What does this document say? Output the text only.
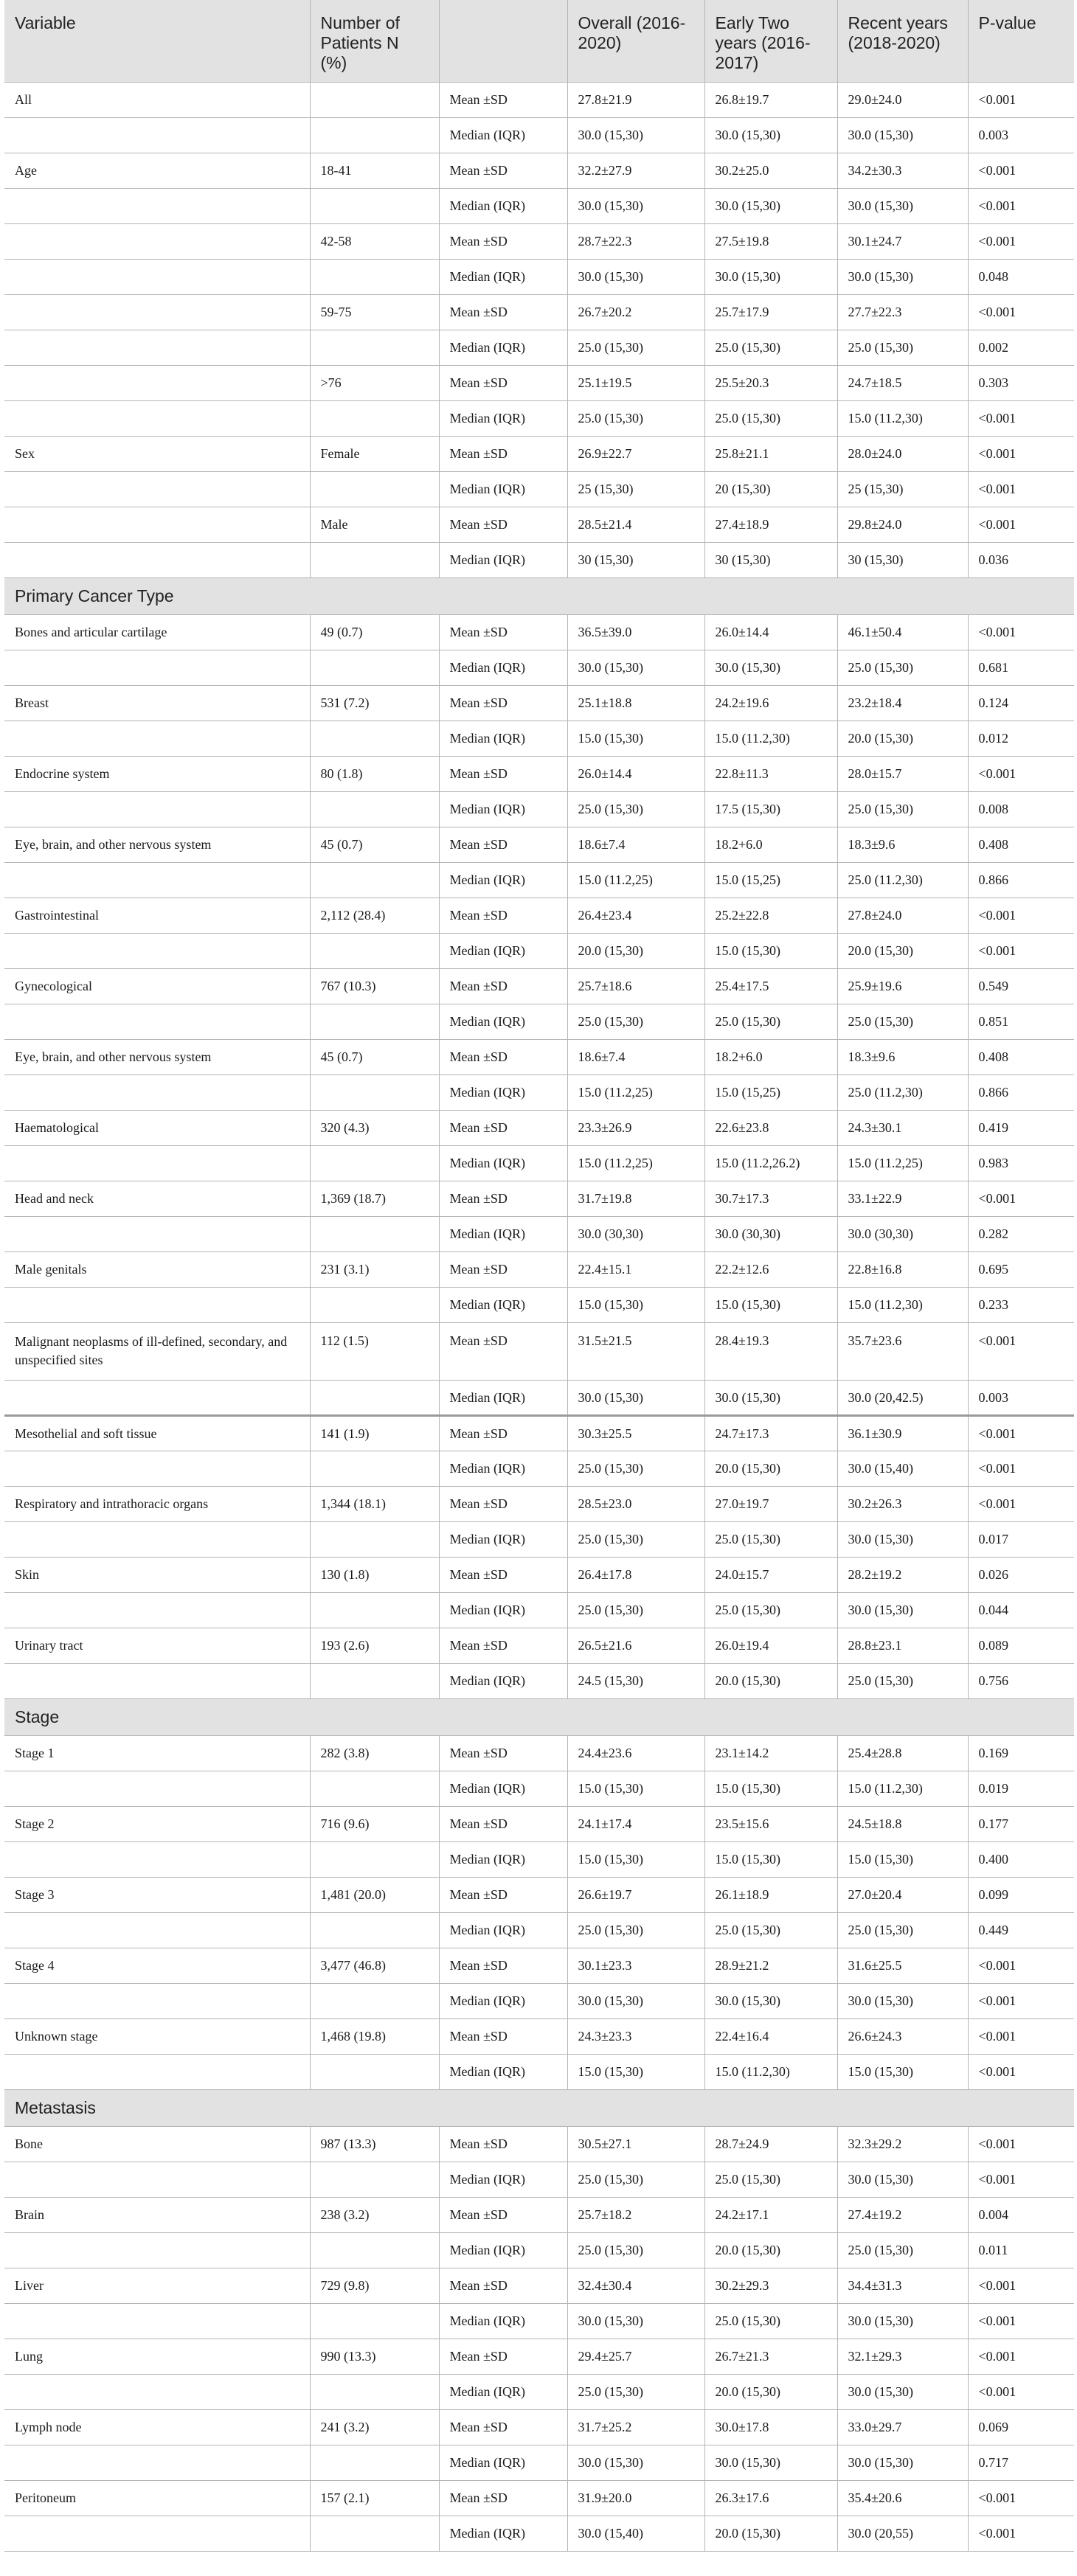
Variable	Number of Patients N (%)		Overall (2016-2020)	Early Two years (2016-2017)	Recent years (2018-2020)	P-value
All		Mean ±SD	27.8±21.9	26.8±19.7	29.0±24.0	<0.001
		Median (IQR)	30.0 (15,30)	30.0 (15,30)	30.0 (15,30)	0.003
Age	18-41	Mean ±SD	32.2±27.9	30.2±25.0	34.2±30.3	<0.001
		Median (IQR)	30.0 (15,30)	30.0 (15,30)	30.0 (15,30)	<0.001
	42-58	Mean ±SD	28.7±22.3	27.5±19.8	30.1±24.7	<0.001
		Median (IQR)	30.0 (15,30)	30.0 (15,30)	30.0 (15,30)	0.048
	59-75	Mean ±SD	26.7±20.2	25.7±17.9	27.7±22.3	<0.001
		Median (IQR)	25.0 (15,30)	25.0 (15,30)	25.0 (15,30)	0.002
	>76	Mean ±SD	25.1±19.5	25.5±20.3	24.7±18.5	0.303
		Median (IQR)	25.0 (15,30)	25.0 (15,30)	15.0 (11.2,30)	<0.001
Sex	Female	Mean ±SD	26.9±22.7	25.8±21.1	28.0±24.0	<0.001
		Median (IQR)	25 (15,30)	20 (15,30)	25 (15,30)	<0.001
	Male	Mean ±SD	28.5±21.4	27.4±18.9	29.8±24.0	<0.001
		Median (IQR)	30 (15,30)	30 (15,30)	30 (15,30)	0.036
Primary Cancer Type						
Bones and articular cartilage	49 (0.7)	Mean ±SD	36.5±39.0	26.0±14.4	46.1±50.4	<0.001
		Median (IQR)	30.0 (15,30)	30.0 (15,30)	25.0 (15,30)	0.681
Breast	531 (7.2)	Mean ±SD	25.1±18.8	24.2±19.6	23.2±18.4	0.124
		Median (IQR)	15.0 (15,30)	15.0 (11.2,30)	20.0 (15,30)	0.012
Endocrine system	80 (1.8)	Mean ±SD	26.0±14.4	22.8±11.3	28.0±15.7	<0.001
		Median (IQR)	25.0 (15,30)	17.5 (15,30)	25.0 (15,30)	0.008
Eye, brain, and other nervous system	45 (0.7)	Mean ±SD	18.6±7.4	18.2+6.0	18.3±9.6	0.408
		Median (IQR)	15.0 (11.2,25)	15.0 (15,25)	25.0 (11.2,30)	0.866
Gastrointestinal	2,112 (28.4)	Mean ±SD	26.4±23.4	25.2±22.8	27.8±24.0	<0.001
		Median (IQR)	20.0 (15,30)	15.0 (15,30)	20.0 (15,30)	<0.001
Gynecological	767 (10.3)	Mean ±SD	25.7±18.6	25.4±17.5	25.9±19.6	0.549
		Median (IQR)	25.0 (15,30)	25.0 (15,30)	25.0 (15,30)	0.851
Eye, brain, and other nervous system	45 (0.7)	Mean ±SD	18.6±7.4	18.2+6.0	18.3±9.6	0.408
		Median (IQR)	15.0 (11.2,25)	15.0 (15,25)	25.0 (11.2,30)	0.866
Haematological	320 (4.3)	Mean ±SD	23.3±26.9	22.6±23.8	24.3±30.1	0.419
		Median (IQR)	15.0 (11.2,25)	15.0 (11.2,26.2)	15.0 (11.2,25)	0.983
Head and neck	1,369 (18.7)	Mean ±SD	31.7±19.8	30.7±17.3	33.1±22.9	<0.001
		Median (IQR)	30.0 (30,30)	30.0 (30,30)	30.0 (30,30)	0.282
Male genitals	231 (3.1)	Mean ±SD	22.4±15.1	22.2±12.6	22.8±16.8	0.695
		Median (IQR)	15.0 (15,30)	15.0 (15,30)	15.0 (11.2,30)	0.233
Malignant neoplasms of ill-defined, secondary, and unspecified sites	112 (1.5)	Mean ±SD	31.5±21.5	28.4±19.3	35.7±23.6	<0.001
		Median (IQR)	30.0 (15,30)	30.0 (15,30)	30.0 (20,42.5)	0.003
Mesothelial and soft tissue	141 (1.9)	Mean ±SD	30.3±25.5	24.7±17.3	36.1±30.9	<0.001
		Median (IQR)	25.0 (15,30)	20.0 (15,30)	30.0 (15,40)	<0.001
Respiratory and intrathoracic organs	1,344 (18.1)	Mean ±SD	28.5±23.0	27.0±19.7	30.2±26.3	<0.001
		Median (IQR)	25.0 (15,30)	25.0 (15,30)	30.0 (15,30)	0.017
Skin	130 (1.8)	Mean ±SD	26.4±17.8	24.0±15.7	28.2±19.2	0.026
		Median (IQR)	25.0 (15,30)	25.0 (15,30)	30.0 (15,30)	0.044
Urinary tract	193 (2.6)	Mean ±SD	26.5±21.6	26.0±19.4	28.8±23.1	0.089
		Median (IQR)	24.5 (15,30)	20.0 (15,30)	25.0 (15,30)	0.756
Stage						
Stage 1	282 (3.8)	Mean ±SD	24.4±23.6	23.1±14.2	25.4±28.8	0.169
		Median (IQR)	15.0 (15,30)	15.0 (15,30)	15.0 (11.2,30)	0.019
Stage 2	716 (9.6)	Mean ±SD	24.1±17.4	23.5±15.6	24.5±18.8	0.177
		Median (IQR)	15.0 (15,30)	15.0 (15,30)	15.0 (15,30)	0.400
Stage 3	1,481 (20.0)	Mean ±SD	26.6±19.7	26.1±18.9	27.0±20.4	0.099
		Median (IQR)	25.0 (15,30)	25.0 (15,30)	25.0 (15,30)	0.449
Stage 4	3,477 (46.8)	Mean ±SD	30.1±23.3	28.9±21.2	31.6±25.5	<0.001
		Median (IQR)	30.0 (15,30)	30.0 (15,30)	30.0 (15,30)	<0.001
Unknown stage	1,468 (19.8)	Mean ±SD	24.3±23.3	22.4±16.4	26.6±24.3	<0.001
		Median (IQR)	15.0 (15,30)	15.0 (11.2,30)	15.0 (15,30)	<0.001
Metastasis						
Bone	987 (13.3)	Mean ±SD	30.5±27.1	28.7±24.9	32.3±29.2	<0.001
		Median (IQR)	25.0 (15,30)	25.0 (15,30)	30.0 (15,30)	<0.001
Brain	238 (3.2)	Mean ±SD	25.7±18.2	24.2±17.1	27.4±19.2	0.004
		Median (IQR)	25.0 (15,30)	20.0 (15,30)	25.0 (15,30)	0.011
Liver	729 (9.8)	Mean ±SD	32.4±30.4	30.2±29.3	34.4±31.3	<0.001
		Median (IQR)	30.0 (15,30)	25.0 (15,30)	30.0 (15,30)	<0.001
Lung	990 (13.3)	Mean ±SD	29.4±25.7	26.7±21.3	32.1±29.3	<0.001
		Median (IQR)	25.0 (15,30)	20.0 (15,30)	30.0 (15,30)	<0.001
Lymph node	241 (3.2)	Mean ±SD	31.7±25.2	30.0±17.8	33.0±29.7	0.069
		Median (IQR)	30.0 (15,30)	30.0 (15,30)	30.0 (15,30)	0.717
Peritoneum	157 (2.1)	Mean ±SD	31.9±20.0	26.3±17.6	35.4±20.6	<0.001
		Median (IQR)	30.0 (15,40)	20.0 (15,30)	30.0 (20,55)	<0.001
